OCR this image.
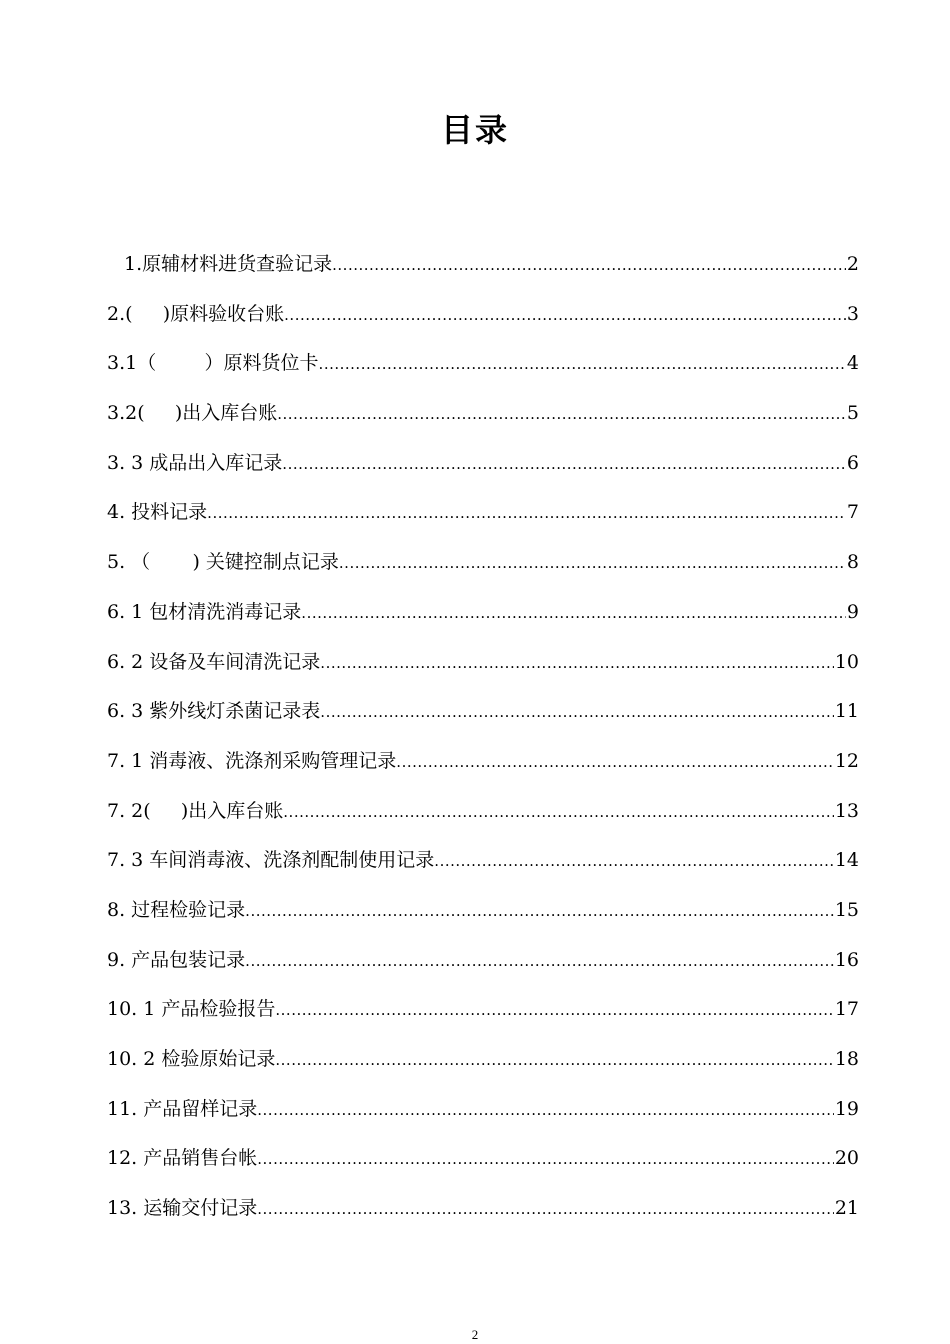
目录
1.原辅材料进货查验记录 .....	2
2.(     )原料验收台账 .....	3
3.1（        ）原料货位卡 .....	4
3.2(     )出入库台账 .....	5
3. 3 成品出入库记录 .....	6
4. 投料记录 .....	7
5. （       ) 关键控制点记录 .....	8
6. 1 包材清洗消毒记录 .....	9
6. 2 设备及车间清洗记录 .....	10
6. 3 紫外线灯杀菌记录表 .....	11
7. 1 消毒液、洗涤剂采购管理记录 .....	12
7. 2(     )出入库台账 .....	13
7. 3 车间消毒液、洗涤剂配制使用记录 .....	14
8. 过程检验记录 .....	15
9. 产品包装记录 .....	16
10. 1 产品检验报告 .....	17
10. 2 检验原始记录 .....	18
11. 产品留样记录 .....	19
12. 产品销售台帐 .....	20
13. 运输交付记录 .....	21
2
